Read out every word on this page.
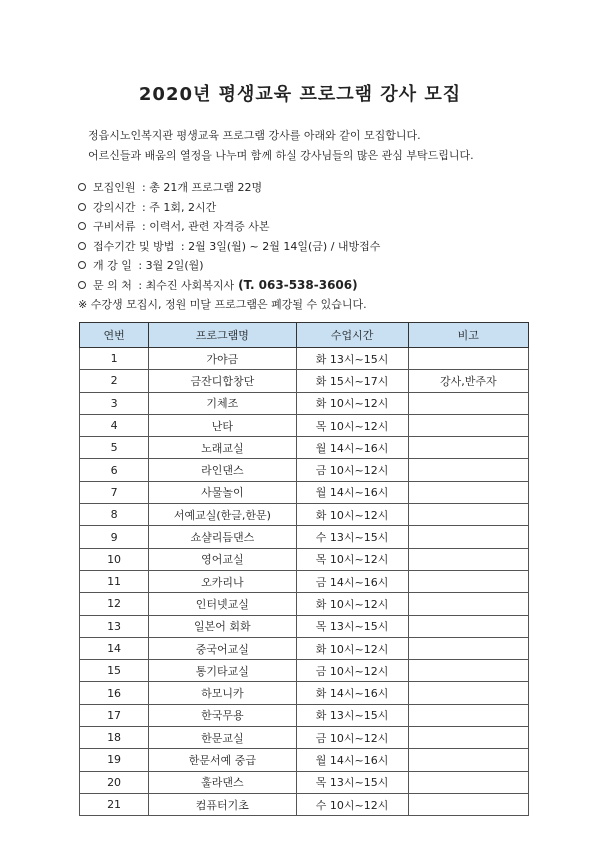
2020년 평생교육 프로그램 강사 모집

정읍시노인복지관 평생교육 프로그램 강사를 아래와 같이 모집합니다.

어르신들과 배움의 열정을 나누며 함께 하실 강사님들의 많은 관심 부탁드립니다.

모집인원 : 총 21개 프로그램 22명
강의시간 : 주 1회, 2시간
구비서류 : 이력서, 관련 자격증 사본
접수기간 및 방법 : 2월 3일(월) ~ 2월 14일(금) / 내방접수
개 강 일 : 3월 2일(월)
문 의 처 : 최수진 사회복지사 (T. 063-538-3606)
※ 수강생 모집시, 정원 미달 프로그램은 폐강될 수 있습니다.
연번	프로그램명	수업시간	비고
1	가야금	화 13시~15시	
2	금잔디합창단	화 15시~17시	강사,반주자
3	기체조	화 10시~12시	
4	난타	목 10시~12시	
5	노래교실	월 14시~16시	
6	라인댄스	금 10시~12시	
7	사물놀이	월 14시~16시	
8	서예교실(한글,한문)	화 10시~12시	
9	쇼샬리듬댄스	수 13시~15시	
10	영어교실	목 10시~12시	
11	오카리나	금 14시~16시	
12	인터넷교실	화 10시~12시	
13	일본어 회화	목 13시~15시	
14	중국어교실	화 10시~12시	
15	통기타교실	금 10시~12시	
16	하모니카	화 14시~16시	
17	한국무용	화 13시~15시	
18	한문교실	금 10시~12시	
19	한문서예 중급	월 14시~16시	
20	훌라댄스	목 13시~15시	
21	컴퓨터기초	수 10시~12시	
